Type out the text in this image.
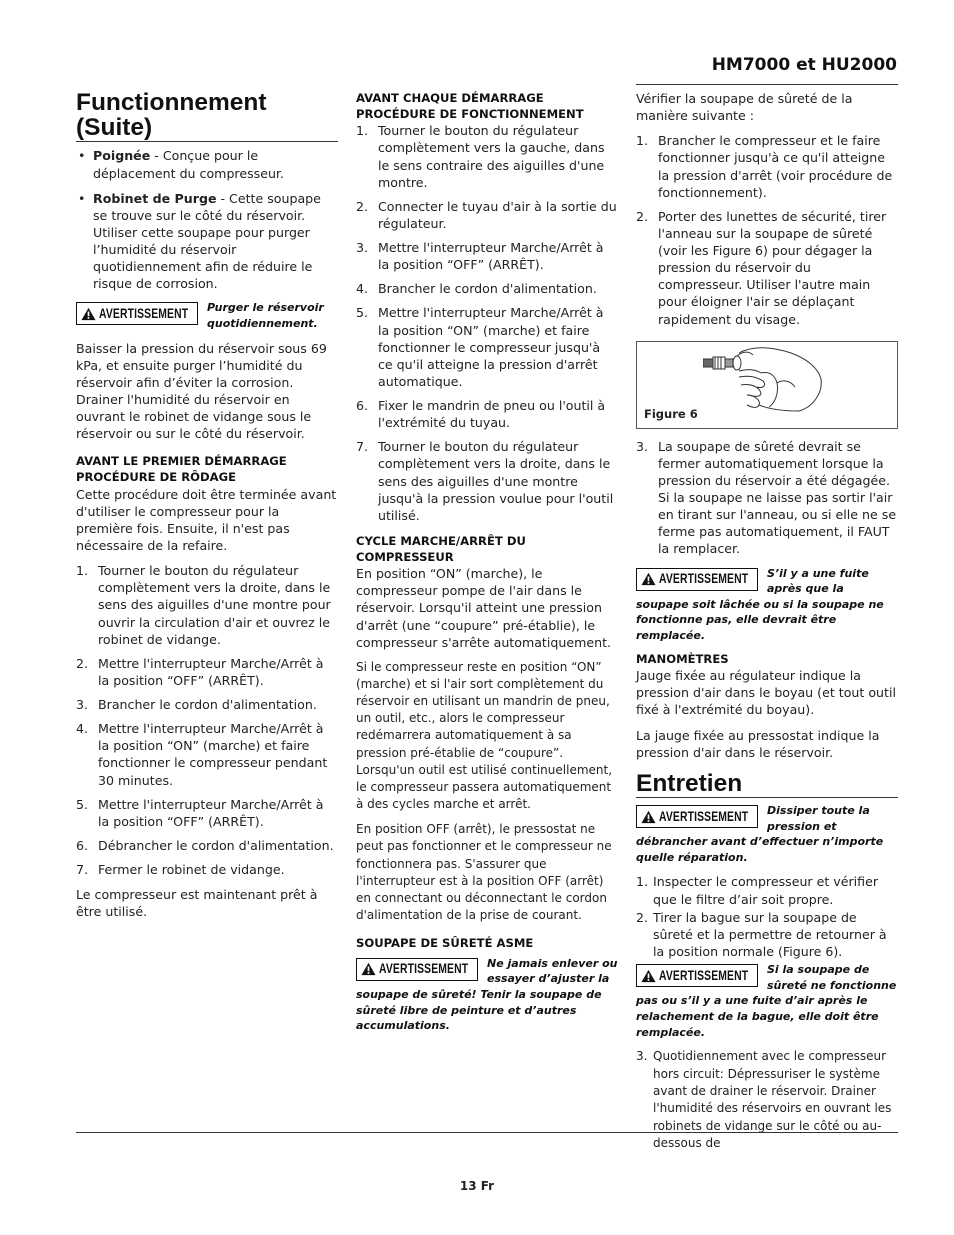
HM7000 et HU2000
Functionnement
(Suite)
• Poignée - Conçue pour le déplacement du compresseur.
• Robinet de Purge - Cette soupape se trouve sur le côté du réservoir. Utiliser cette soupape pour purger l’humidité du réservoir quotidiennement afin de réduire le risque de corrosion.
AVERTISSEMENT Purger le réservoir quotidiennement.

Baisser la pression du réservoir sous 69 kPa, et ensuite purger l’humidité du réservoir afin d’éviter la corrosion. Drainer l'humidité du réservoir en ouvrant le robinet de vidange sous le réservoir ou sur le côté du réservoir.

AVANT LE PREMIER DÉMARRAGE PROCÉDURE DE RÔDAGE

Cette procédure doit être terminée avant d'utiliser le compresseur pour la première fois. Ensuite, il n'est pas nécessaire de la refaire.

1. Tourner le bouton du régulateur complètement vers la droite, dans le sens des aiguilles d'une montre pour ouvrir la circulation d'air et ouvrez le robinet de vidange.
2. Mettre l'interrupteur Marche/Arrêt à la position “OFF” (ARRÊT).
3. Brancher le cordon d'alimentation.
4. Mettre l'interrupteur Marche/Arrêt à la position “ON” (marche) et faire fonctionner le compresseur pendant 30 minutes.
5. Mettre l'interrupteur Marche/Arrêt à la position “OFF” (ARRÊT).
6. Débrancher le cordon d'alimentation.
7. Fermer le robinet de vidange.

Le compresseur est maintenant prêt à être utilisé.

AVANT CHAQUE DÉMARRAGE PROCÉDURE DE FONCTIONNEMENT
1. Tourner le bouton du régulateur complètement vers la gauche, dans le sens contraire des aiguilles d'une montre.
2. Connecter le tuyau d'air à la sortie du régulateur.
3. Mettre l'interrupteur Marche/Arrêt à la position “OFF” (ARRÊT).
4. Brancher le cordon d'alimentation.
5. Mettre l'interrupteur Marche/Arrêt à la position “ON” (marche) et faire fonctionner le compresseur jusqu'à ce qu'il atteigne la pression d'arrêt automatique.
6. Fixer le mandrin de pneu ou l'outil à l'extrémité du tuyau.
7. Tourner le bouton du régulateur complètement vers la droite, dans le sens des aiguilles d'une montre jusqu'à la pression voulue pour l'outil utilisé.
CYCLE MARCHE/ARRÊT DU COMPRESSEUR

En position “ON” (marche), le compresseur pompe de l'air dans le réservoir. Lorsqu'il atteint une pression d'arrêt (une “coupure” pré-établie), le compresseur s'arrête automatiquement.

Si le compresseur reste en position “ON” (marche) et si l'air sort complètement du réservoir en utilisant un mandrin de pneu, un outil, etc., alors le compresseur redémarrera automatiquement à sa pression pré-établie de “coupure”. Lorsqu'un outil est utilisé continuellement, le compresseur passera automatiquement à des cycles marche et arrêt.

En position OFF (arrêt), le pressostat ne peut pas fonctionner et le compresseur ne fonctionnera pas. S'assurer que l'interrupteur est à la position OFF (arrêt) en connectant ou déconnectant le cordon d'alimentation de la prise de courant.

SOUPAPE DE SÛRETÉ ASME
AVERTISSEMENT Ne jamais enlever ou essayer d’ajuster la soupape de sûreté! Tenir la soupape de sûreté libre de peinture et d’autres accumulations.

Vérifier la soupape de sûreté de la manière suivante :

1. Brancher le compresseur et le faire fonctionner jusqu'à ce qu'il atteigne la pression d'arrêt (voir procédure de fonctionnement).
2. Porter des lunettes de sécurité, tirer l'anneau sur la soupape de sûreté (voir les Figure 6) pour dégager la pression du réservoir du compresseur. Utiliser l'autre main pour éloigner l'air se déplaçant rapidement du visage.
Figure 6
3. La soupape de sûreté devrait se fermer automatiquement lorsque la pression du réservoir a été dégagée. Si la soupape ne laisse pas sortir l'air en tirant sur l'anneau, ou si elle ne se ferme pas automatiquement, il FAUT la remplacer.
AVERTISSEMENT S’il y a une fuite après que la soupape soit lâchée ou si la soupape ne fonctionne pas, elle devrait être remplacée.
MANOMÈTRES

Jauge fixée au régulateur indique la pression d'air dans le boyau (et tout outil fixé à l'extrémité du boyau).

La jauge fixée au pressostat indique la pression d'air dans le réservoir.

Entretien
AVERTISSEMENT Dissiper toute la pression et débrancher avant d’effectuer n’importe quelle réparation.
1. Inspecter le compresseur et vérifier que le filtre d’air soit propre.
2. Tirer la bague sur la soupape de sûreté et la permettre de retourner à la position normale (Figure 6).
AVERTISSEMENT Si la soupape de sûreté ne fonctionne pas ou s’il y a une fuite d’air après le relachement de la bague, elle doit être remplacée.
3. Quotidiennement avec le compresseur hors circuit: Dépressuriser le système avant de drainer le réservoir. Drainer l'humidité des réservoirs en ouvrant les robinets de vidange sur le côté ou au-dessous de
13 Fr
